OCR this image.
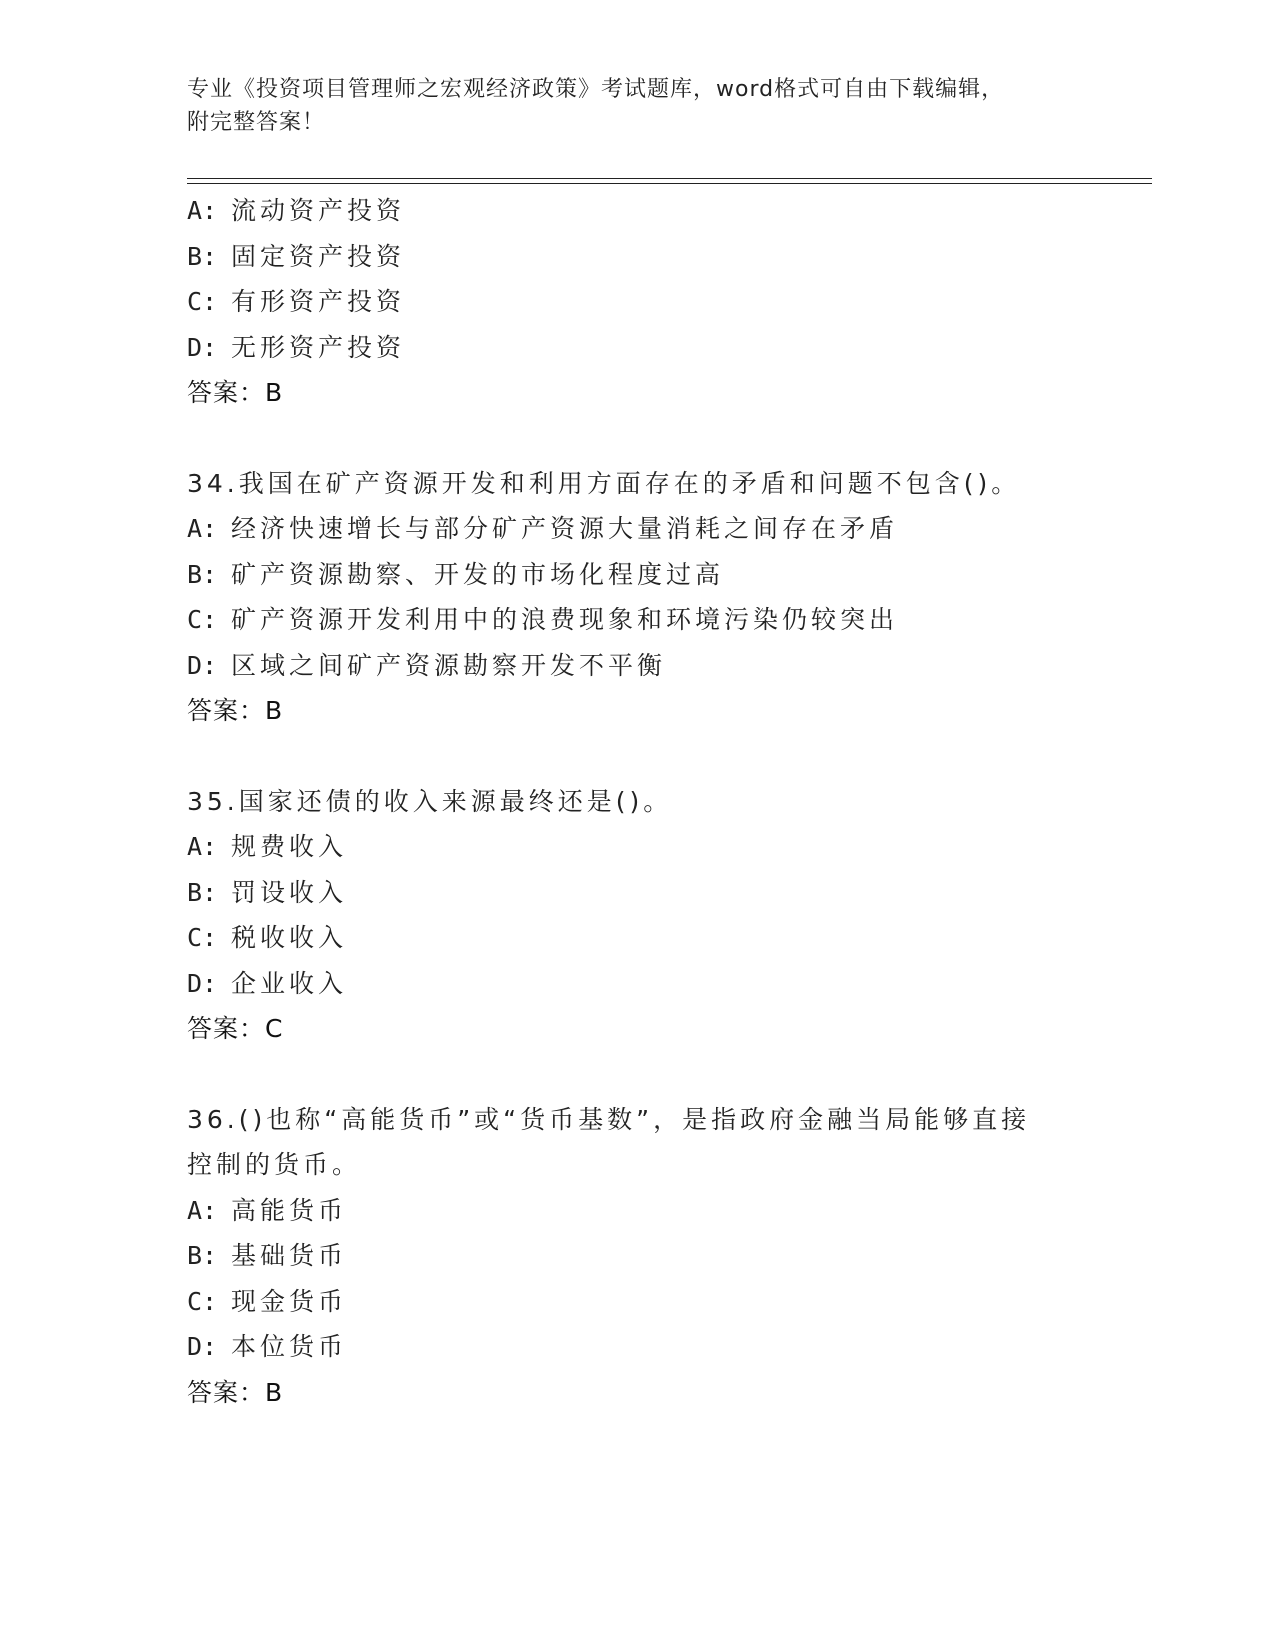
专业《投资项目管理师之宏观经济政策》考试题库，word格式可自由下载编辑，
附完整答案！
A: 流动资产投资
B: 固定资产投资
C: 有形资产投资
D: 无形资产投资
答案：B
34.我国在矿产资源开发和利用方面存在的矛盾和问题不包含()。
A: 经济快速增长与部分矿产资源大量消耗之间存在矛盾
B: 矿产资源勘察、开发的市场化程度过高
C: 矿产资源开发利用中的浪费现象和环境污染仍较突出
D: 区域之间矿产资源勘察开发不平衡
答案：B
35.国家还债的收入来源最终还是()。
A: 规费收入
B: 罚设收入
C: 税收收入
D: 企业收入
答案：C
36.()也称“高能货币”或“货币基数”，是指政府金融当局能够直接
控制的货币。
A: 高能货币
B: 基础货币
C: 现金货币
D: 本位货币
答案：B
